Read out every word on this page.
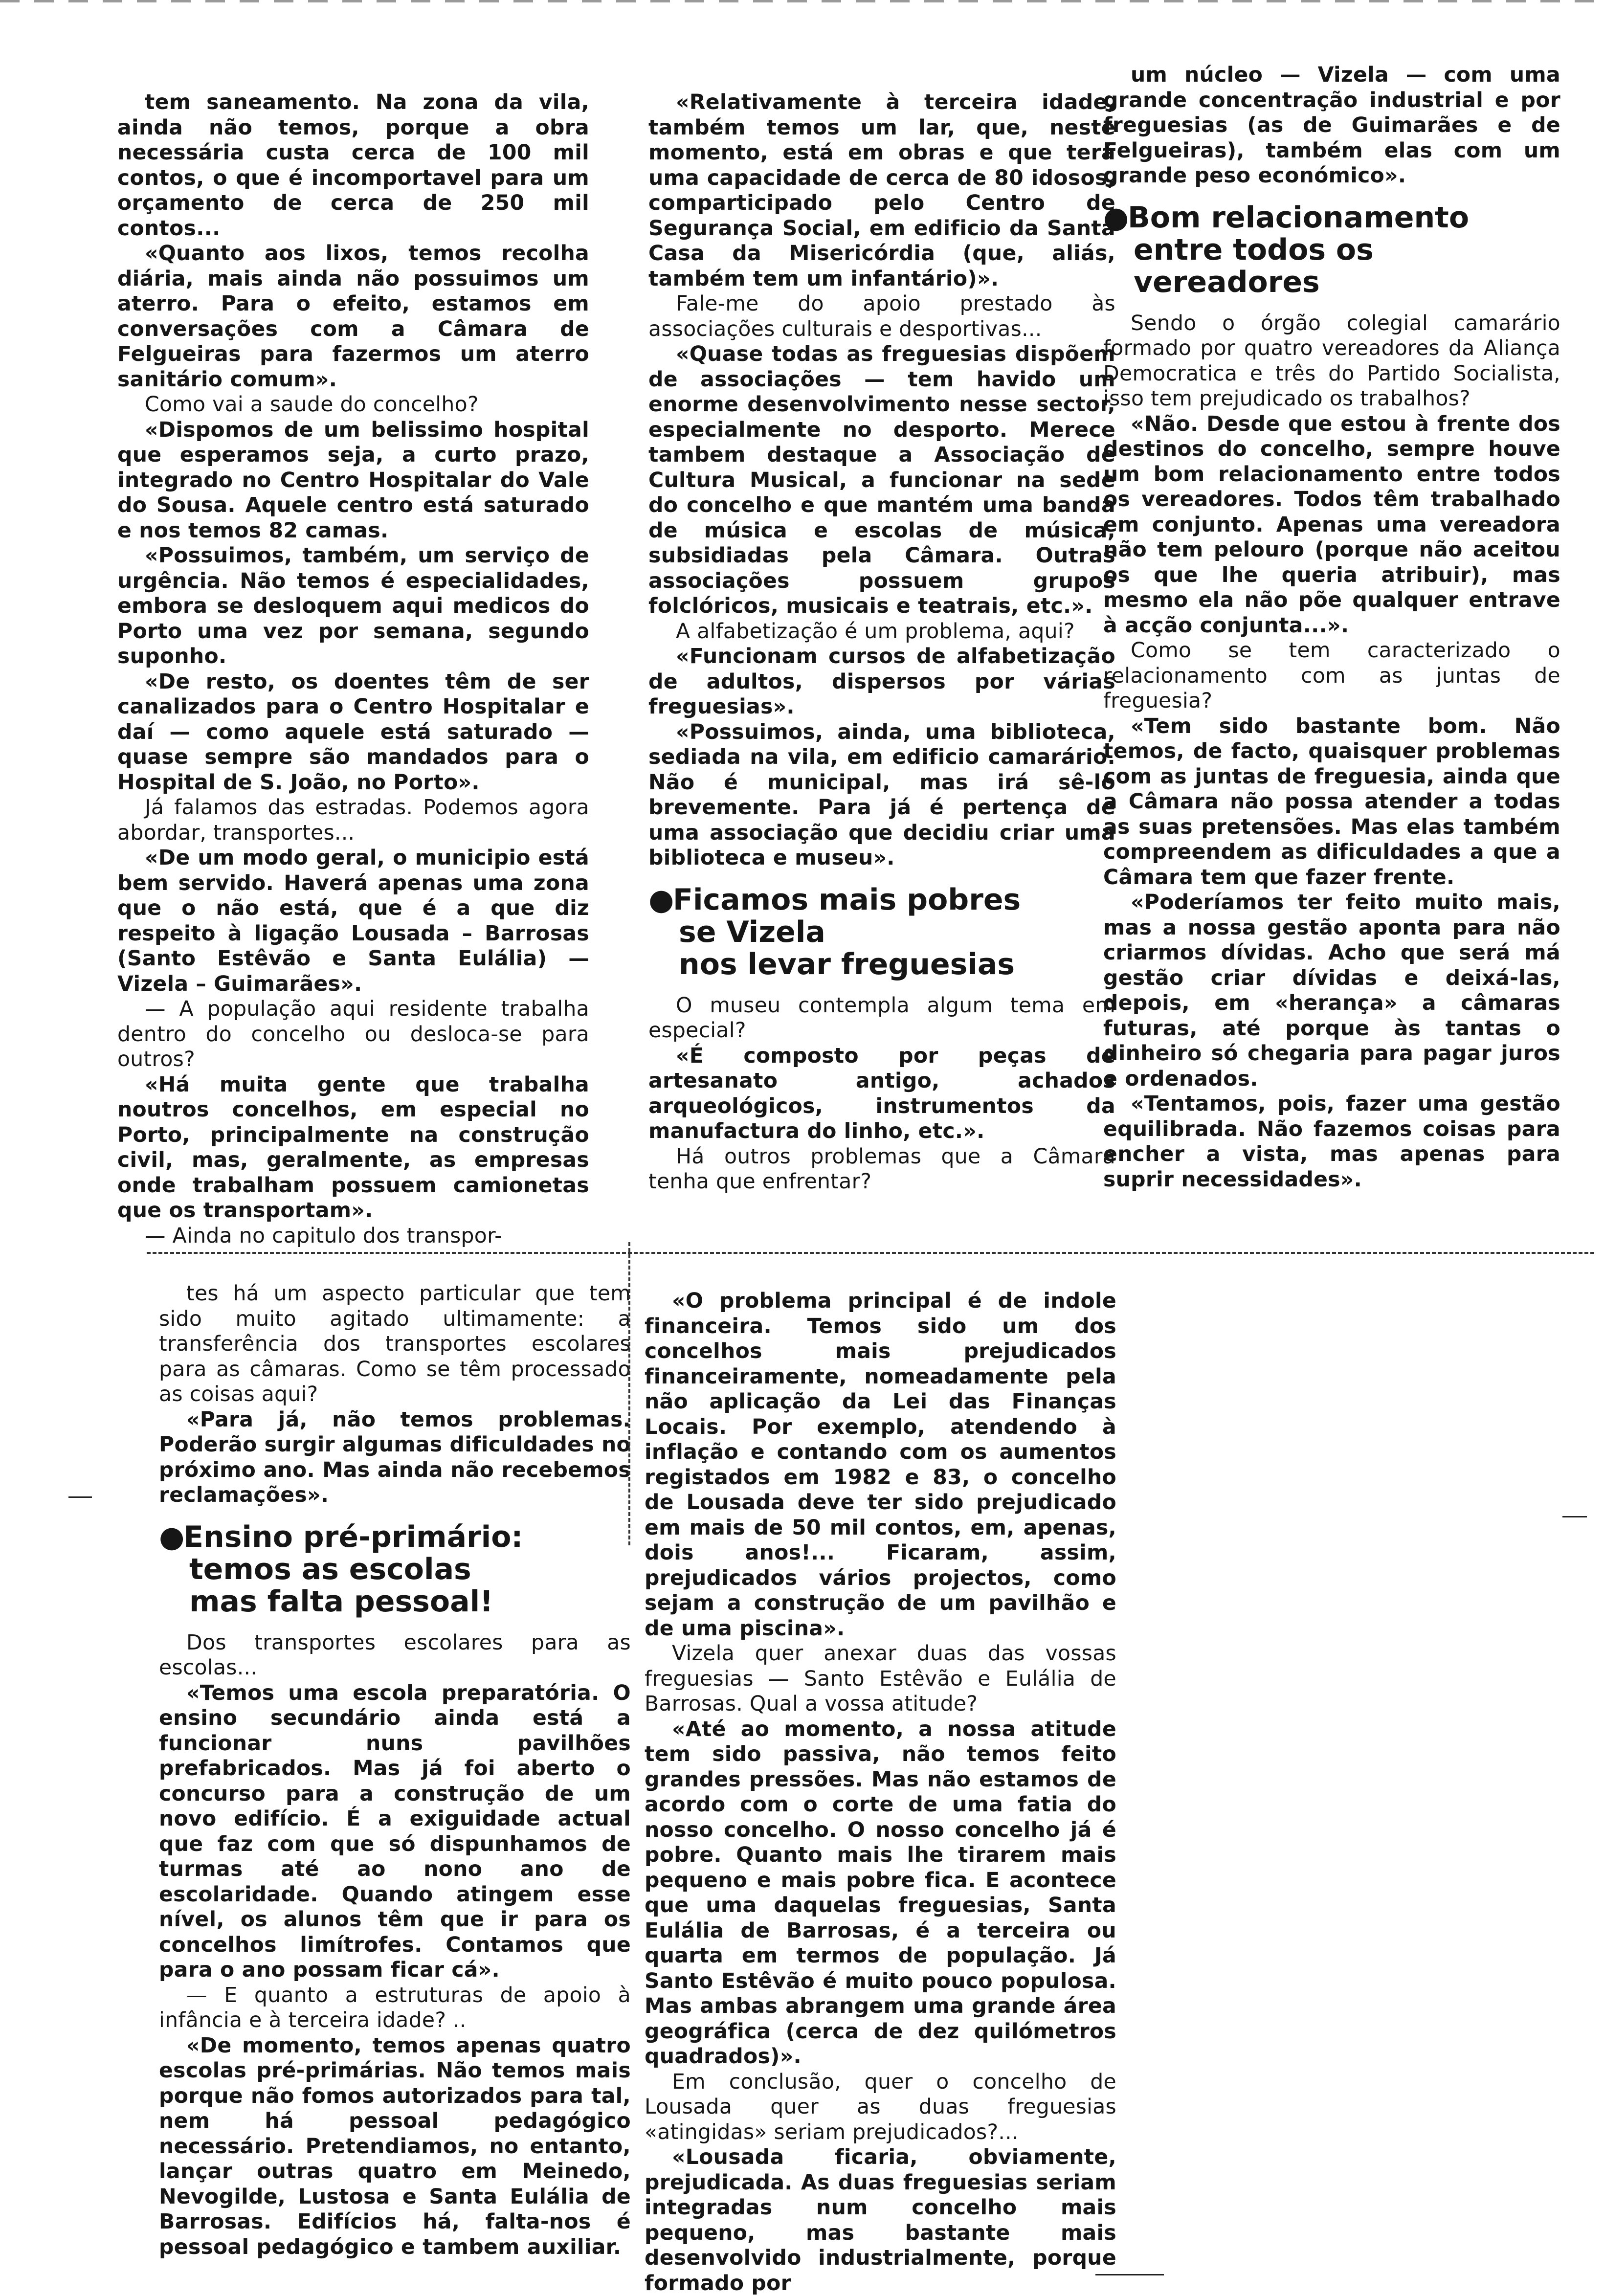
tem saneamento. Na zona da vila, ainda não temos, porque a obra necessária custa cerca de 100 mil contos, o que é incomportavel para um orçamento de cerca de 250 mil contos...

«Quanto aos lixos, temos recolha diária, mais ainda não possuimos um aterro. Para o efeito, estamos em conversações com a Câmara de Felgueiras para fazermos um aterro sanitário comum».

Como vai a saude do concelho?

«Dispomos de um belissimo hospital que esperamos seja, a curto prazo, integrado no Centro Hospitalar do Vale do Sousa. Aquele centro está saturado e nos temos 82 camas.

«Possuimos, também, um serviço de urgência. Não temos é especialidades, embora se desloquem aqui medicos do Porto uma vez por semana, segundo suponho.

«De resto, os doentes têm de ser canalizados para o Centro Hospitalar e daí — como aquele está saturado — quase sempre são mandados para o Hospital de S. João, no Porto».

Já falamos das estradas. Podemos agora abordar, transportes...

«De um modo geral, o municipio está bem servido. Haverá apenas uma zona que o não está, que é a que diz respeito à ligação Lousada – Barrosas (Santo Estêvão e Santa Eulália) — Vizela – Guimarães».

— A população aqui residente trabalha dentro do concelho ou desloca-se para outros?

«Há muita gente que trabalha noutros concelhos, em especial no Porto, principalmente na construção civil, mas, geralmente, as empresas onde trabalham possuem camionetas que os transportam».

— Ainda no capitulo dos transpor-

«Relativamente à terceira idade, também temos um lar, que, neste momento, está em obras e que terá uma capacidade de cerca de 80 idosos, comparticipado pelo Centro de Segurança Social, em edificio da Santa Casa da Misericórdia (que, aliás, também tem um infantário)».

Fale-me do apoio prestado às associações culturais e desportivas...

«Quase todas as freguesias dispõem de associações — tem havido um enorme desenvolvimento nesse sector, especialmente no desporto. Merece tambem destaque a Associação de Cultura Musical, a funcionar na sede do concelho e que mantém uma banda de música e escolas de música, subsidiadas pela Câmara. Outras associações possuem grupos folclóricos, musicais e teatrais, etc.».

A alfabetização é um problema, aqui?

«Funcionam cursos de alfabetização de adultos, dispersos por várias freguesias».

«Possuimos, ainda, uma biblioteca, sediada na vila, em edificio camarário. Não é municipal, mas irá sê-lo brevemente. Para já é pertença de uma associação que decidiu criar uma biblioteca e museu».

●Ficamos mais pobres
se Vizela
nos levar freguesias

O museu contempla algum tema em especial?

«É composto por peças de artesanato antigo, achados arqueológicos, instrumentos da manufactura do linho, etc.».

Há outros problemas que a Câmara tenha que enfrentar?

um núcleo — Vizela — com uma grande concentração industrial e por freguesias (as de Guimarães e de Felgueiras), também elas com um grande peso económico».

●Bom relacionamento
entre todos os vereadores

Sendo o órgão colegial camarário formado por quatro vereadores da Aliança Democratica e três do Partido Socialista, isso tem prejudicado os trabalhos?

«Não. Desde que estou à frente dos destinos do concelho, sempre houve um bom relacionamento entre todos os vereadores. Todos têm trabalhado em conjunto. Apenas uma vereadora não tem pelouro (porque não aceitou os que lhe queria atribuir), mas mesmo ela não põe qualquer entrave à acção conjunta...».

Como se tem caracterizado o relacionamento com as juntas de freguesia?

«Tem sido bastante bom. Não temos, de facto, quaisquer problemas com as juntas de freguesia, ainda que a Câmara não possa atender a todas as suas pretensões. Mas elas também compreendem as dificuldades a que a Câmara tem que fazer frente.

«Poderíamos ter feito muito mais, mas a nossa gestão aponta para não criarmos dívidas. Acho que será má gestão criar dívidas e deixá-las, depois, em «herança» a câmaras futuras, até porque às tantas o dinheiro só chegaria para pagar juros e ordenados.

«Tentamos, pois, fazer uma gestão equilibrada. Não fazemos coisas para encher a vista, mas apenas para suprir necessidades».

tes há um aspecto particular que tem sido muito agitado ultimamente: a transferência dos transportes escolares para as câmaras. Como se têm processado as coisas aqui?

«Para já, não temos problemas. Poderão surgir algumas dificuldades no próximo ano. Mas ainda não recebemos reclamações».

●Ensino pré-primário:
temos as escolas
mas falta pessoal!

Dos transportes escolares para as escolas...

«Temos uma escola preparatória. O ensino secundário ainda está a funcionar nuns pavilhões prefabricados. Mas já foi aberto o concurso para a construção de um novo edifício. É a exiguidade actual que faz com que só dispunhamos de turmas até ao nono ano de escolaridade. Quando atingem esse nível, os alunos têm que ir para os concelhos limítrofes. Contamos que para o ano possam ficar cá».

— E quanto a estruturas de apoio à infância e à terceira idade? ..

«De momento, temos apenas quatro escolas pré-primárias. Não temos mais porque não fomos autorizados para tal, nem há pessoal pedagógico necessário. Pretendiamos, no entanto, lançar outras quatro em Meinedo, Nevogilde, Lustosa e Santa Eulália de Barrosas. Edifícios há, falta-nos é pessoal pedagógico e tambem auxiliar.

«O problema principal é de indole financeira. Temos sido um dos concelhos mais prejudicados financeiramente, nomeadamente pela não aplicação da Lei das Finanças Locais. Por exemplo, atendendo à inflação e contando com os aumentos registados em 1982 e 83, o concelho de Lousada deve ter sido prejudicado em mais de 50 mil contos, em, apenas, dois anos!... Ficaram, assim, prejudicados vários projectos, como sejam a construção de um pavilhão e de uma piscina».

Vizela quer anexar duas das vossas freguesias — Santo Estêvão e Eulália de Barrosas. Qual a vossa atitude?

«Até ao momento, a nossa atitude tem sido passiva, não temos feito grandes pressões. Mas não estamos de acordo com o corte de uma fatia do nosso concelho. O nosso concelho já é pobre. Quanto mais lhe tirarem mais pequeno e mais pobre fica. E acontece que uma daquelas freguesias, Santa Eulália de Barrosas, é a terceira ou quarta em termos de população. Já Santo Estêvão é muito pouco populosa. Mas ambas abrangem uma grande área geográfica (cerca de dez quilómetros quadrados)».

Em conclusão, quer o concelho de Lousada quer as duas freguesias «atingidas» seriam prejudicados?...

«Lousada ficaria, obviamente, prejudicada. As duas freguesias seriam integradas num concelho mais pequeno, mas bastante mais desenvolvido industrialmente, porque formado por
